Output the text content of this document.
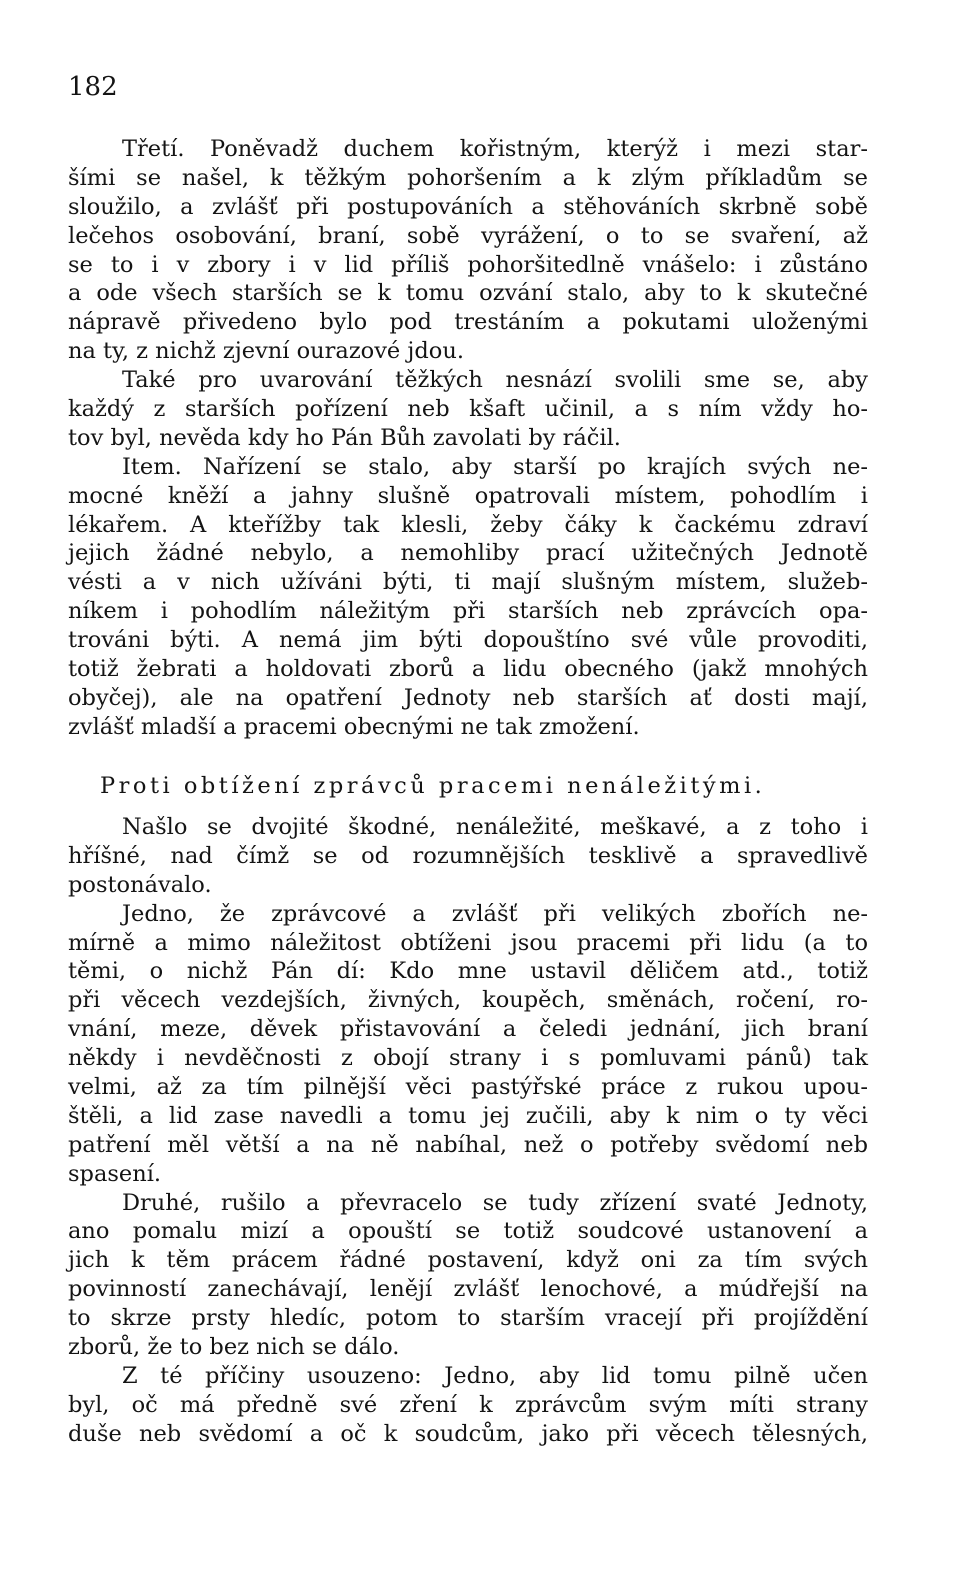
182
Třetí. Poněvadž duchem kořistným, kterýž i mezi star-
šími se našel, k těžkým pohoršením a k zlým příkladům se
sloužilo, a zvlášť při postupováních a stěhováních skrbně sobě
lečehos osobování, braní, sobě vyrážení, o to se svaření, až
se to i v zbory i v lid příliš pohoršitedlně vnášelo: i zůstáno
a ode všech starších se k tomu ozvání stalo, aby to k skutečné
nápravě přivedeno bylo pod trestáním a pokutami uloženými
na ty, z nichž zjevní ourazové jdou.
Také pro uvarování těžkých nesnází svolili sme se, aby
každý z starších pořízení neb kšaft učinil, a s ním vždy ho-
tov byl, nevěda kdy ho Pán Bůh zavolati by ráčil.
Item. Nařízení se stalo, aby starší po krajích svých ne-
mocné kněží a jahny slušně opatrovali místem, pohodlím i
lékařem. A kteřížby tak klesli, žeby čáky k čackému zdraví
jejich žádné nebylo, a nemohliby prací užitečných Jednotě
vésti a v nich užíváni býti, ti mají slušným místem, služeb-
níkem i pohodlím náležitým při starších neb zprávcích opa-
trováni býti. A nemá jim býti dopouštíno své vůle provoditi,
totiž žebrati a holdovati zborů a lidu obecného (jakž mnohých
obyčej), ale na opatření Jednoty neb starších ať dosti mají,
zvlášť mladší a pracemi obecnými ne tak zmožení.
Proti obtížení zprávců pracemi nenáležitými.
Našlo se dvojité škodné, nenáležité, meškavé, a z toho i
hříšné, nad čímž se od rozumnějších tesklivě a spravedlivě
postonávalo.
Jedno, že zprávcové a zvlášť při velikých zbořích ne-
mírně a mimo náležitost obtíženi jsou pracemi při lidu (a to
těmi, o nichž Pán dí: Kdo mne ustavil děličem atd., totiž
při věcech vezdejších, živných, koupěch, směnách, ročení, ro-
vnání, meze, děvek přistavování a čeledi jednání, jich braní
někdy i nevděčnosti z obojí strany i s pomluvami pánů) tak
velmi, až za tím pilnější věci pastýřské práce z rukou upou-
štěli, a lid zase navedli a tomu jej zučili, aby k nim o ty věci
patření měl větší a na ně nabíhal, než o potřeby svědomí neb
spasení.
Druhé, rušilo a převracelo se tudy zřízení svaté Jednoty,
ano pomalu mizí a opouští se totiž soudcové ustanovení a
jich k těm prácem řádné postavení, když oni za tím svých
povinností zanechávají, lenějí zvlášť lenochové, a múdřejší na
to skrze prsty hledíc, potom to starším vracejí při projíždění
zborů, že to bez nich se dálo.
Z té příčiny usouzeno: Jedno, aby lid tomu pilně učen
byl, oč má předně své zření k zprávcům svým míti strany
duše neb svědomí a oč k soudcům, jako při věcech tělesných,
